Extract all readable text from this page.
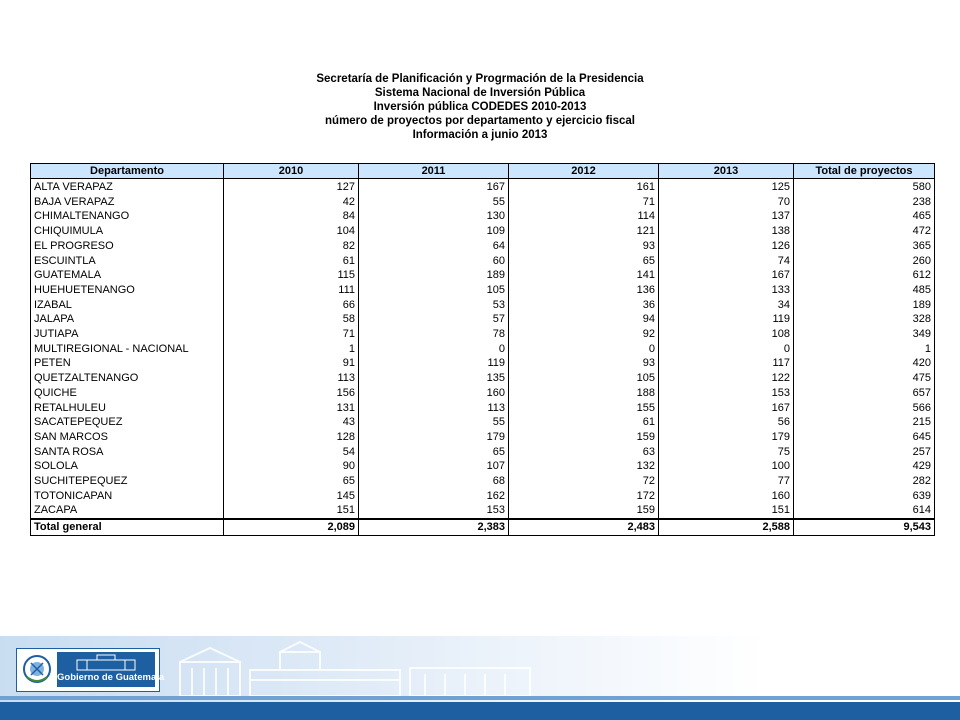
Secretaría de Planificación y Progrmación de la Presidencia
Sistema Nacional de Inversión Pública
Inversión pública CODEDES 2010-2013
número de proyectos por departamento y ejercicio fiscal
Información a junio 2013
Departamento	2010	2011	2012	2013	Total de proyectos
ALTA VERAPAZ	127	167	161	125	580
BAJA VERAPAZ	42	55	71	70	238
CHIMALTENANGO	84	130	114	137	465
CHIQUIMULA	104	109	121	138	472
EL PROGRESO	82	64	93	126	365
ESCUINTLA	61	60	65	74	260
GUATEMALA	115	189	141	167	612
HUEHUETENANGO	111	105	136	133	485
IZABAL	66	53	36	34	189
JALAPA	58	57	94	119	328
JUTIAPA	71	78	92	108	349
MULTIREGIONAL - NACIONAL	1	0	0	0	1
PETEN	91	119	93	117	420
QUETZALTENANGO	113	135	105	122	475
QUICHE	156	160	188	153	657
RETALHULEU	131	113	155	167	566
SACATEPEQUEZ	43	55	61	56	215
SAN MARCOS	128	179	159	179	645
SANTA ROSA	54	65	63	75	257
SOLOLA	90	107	132	100	429
SUCHITEPEQUEZ	65	68	72	77	282
TOTONICAPAN	145	162	172	160	639
ZACAPA	151	153	159	151	614
Total general	2,089	2,383	2,483	2,588	9,543
Gobierno de Guatemala
